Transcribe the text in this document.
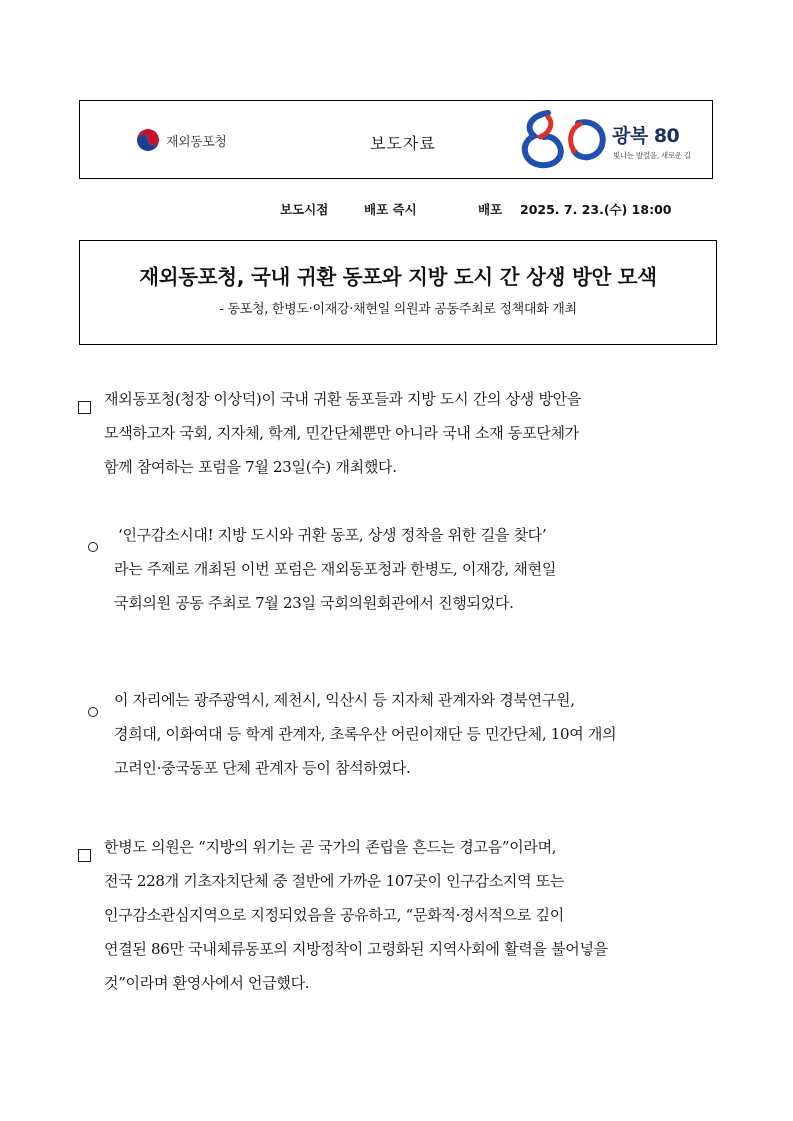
재외동포청	보도자료	광복 80
빛나는 발걸음, 새로운 길
보도시점	배포 즉시	배포	2025. 7. 23.(수) 18:00
재외동포청, 국내 귀환 동포와 지방 도시 간 상생 방안 모색
- 동포청, 한병도·이재강·채현일 의원과 공동주최로 정책대화 개최
재외동포청(청장 이상덕)이 국내 귀환 동포들과 지방 도시 간의 상생 방안을
모색하고자 국회, 지자체, 학계, 민간단체뿐만 아니라 국내 소재 동포단체가
함께 참여하는 포럼을 7월 23일(수) 개최했다.
‘인구감소시대! 지방 도시와 귀환 동포, 상생 정착을 위한 길을 찾다’
라는 주제로 개최된 이번 포럼은 재외동포청과 한병도, 이재강, 채현일
국회의원 공동 주최로 7월 23일 국회의원회관에서 진행되었다.
이 자리에는 광주광역시, 제천시, 익산시 등 지자체 관계자와 경북연구원,
경희대, 이화여대 등 학계 관계자, 초록우산 어린이재단 등 민간단체, 10여 개의
고려인·중국동포 단체 관계자 등이 참석하였다.
한병도 의원은 “지방의 위기는 곧 국가의 존립을 흔드는 경고음”이라며,
전국 228개 기초자치단체 중 절반에 가까운 107곳이 인구감소지역 또는
인구감소관심지역으로 지정되었음을 공유하고, “문화적·정서적으로 깊이
연결된 86만 국내체류동포의 지방정착이 고령화된 지역사회에 활력을 불어넣을
것”이라며 환영사에서 언급했다.
